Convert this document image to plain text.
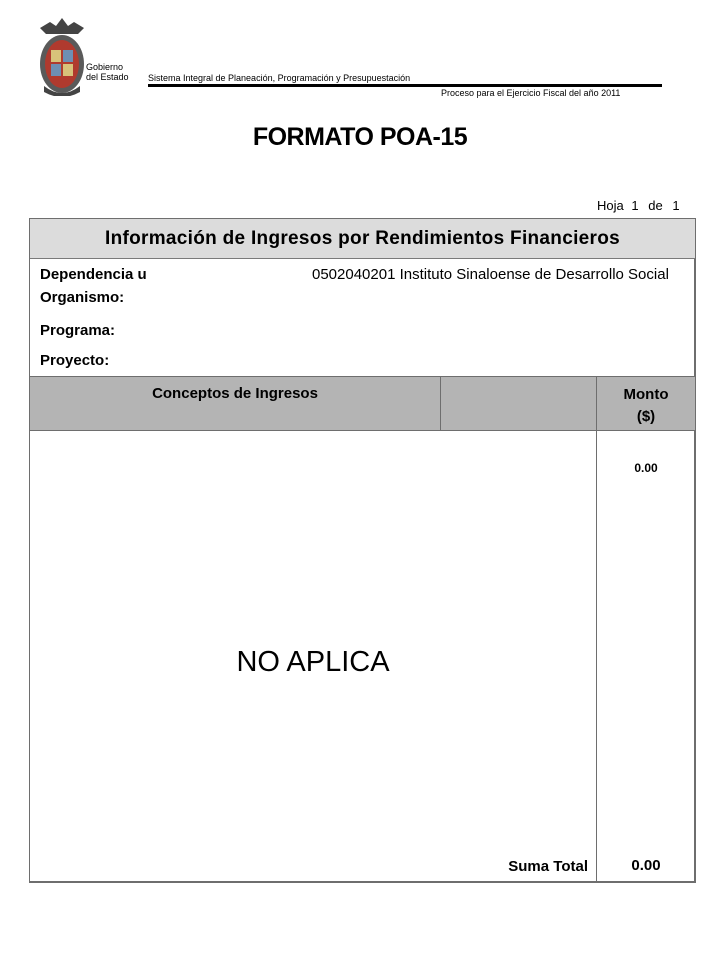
Gobierno
del Estado Sistema Integral de Planeación, Programación y Presupuestación
Proceso para el Ejercicio Fiscal del año 2011
FORMATO POA-15
Hoja 1 de 1
Información de Ingresos por Rendimientos Financieros
Dependencia u
Organismo:
0502040201 Instituto Sinaloense de Desarrollo Social
Programa:
Proyecto:
Conceptos de Ingresos	Monto
($)
0.00
NO APLICA
Suma Total	0.00
